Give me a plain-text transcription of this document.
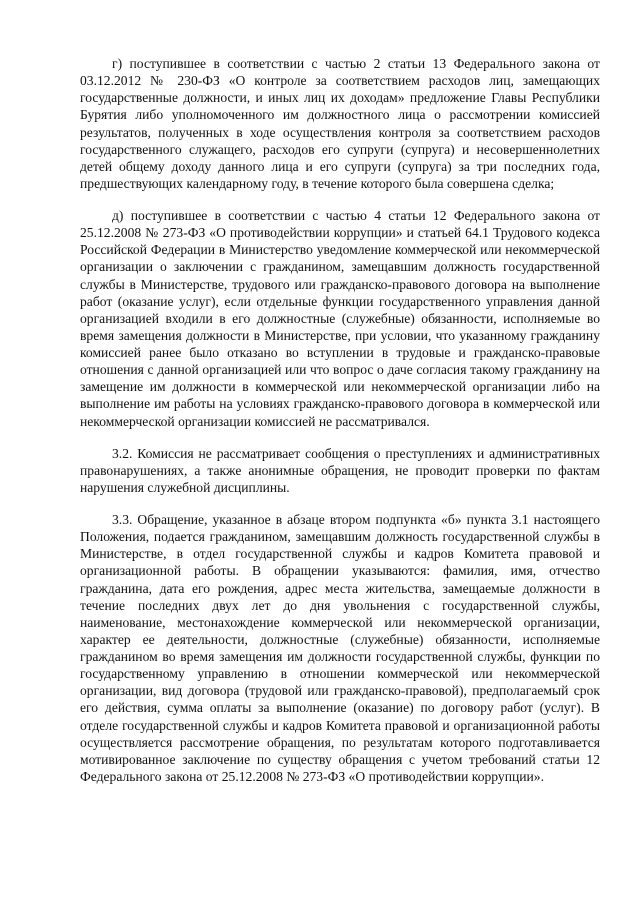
г) поступившее в соответствии с частью 2 статьи 13 Федерального закона от 03.12.2012 № 230-ФЗ «О контроле за соответствием расходов лиц, замещающих государственные должности, и иных лиц их доходам» предложение Главы Республики Бурятия либо уполномоченного им должностного лица о рассмотрении комиссией результатов, полученных в ходе осуществления контроля за соответствием расходов государственного служащего, расходов его супруги (супруга) и несовершеннолетних детей общему доходу данного лица и его супруги (супруга) за три последних года, предшествующих календарному году, в течение которого была совершена сделка;

д) поступившее в соответствии с частью 4 статьи 12 Федерального закона от 25.12.2008 № 273-ФЗ «О противодействии коррупции» и статьей 64.1 Трудового кодекса Российской Федерации в Министерство уведомление коммерческой или некоммерческой организации о заключении с гражданином, замещавшим должность государственной службы в Министерстве, трудового или гражданско-правового договора на выполнение работ (оказание услуг), если отдельные функции государственного управления данной организацией входили в его должностные (служебные) обязанности, исполняемые во время замещения должности в Министерстве, при условии, что указанному гражданину комиссией ранее было отказано во вступлении в трудовые и гражданско-правовые отношения с данной организацией или что вопрос о даче согласия такому гражданину на замещение им должности в коммерческой или некоммерческой организации либо на выполнение им работы на условиях гражданско-правового договора в коммерческой или некоммерческой организации комиссией не рассматривался.

3.2. Комиссия не рассматривает сообщения о преступлениях и административных правонарушениях, а также анонимные обращения, не проводит проверки по фактам нарушения служебной дисциплины.

3.3. Обращение, указанное в абзаце втором подпункта «б» пункта 3.1 настоящего Положения, подается гражданином, замещавшим должность государственной службы в Министерстве, в отдел государственной службы и кадров Комитета правовой и организационной работы. В обращении указываются: фамилия, имя, отчество гражданина, дата его рождения, адрес места жительства, замещаемые должности в течение последних двух лет до дня увольнения с государственной службы, наименование, местонахождение коммерческой или некоммерческой организации, характер ее деятельности, должностные (служебные) обязанности, исполняемые гражданином во время замещения им должности государственной службы, функции по государственному управлению в отношении коммерческой или некоммерческой организации, вид договора (трудовой или гражданско-правовой), предполагаемый срок его действия, сумма оплаты за выполнение (оказание) по договору работ (услуг). В отделе государственной службы и кадров Комитета правовой и организационной работы осуществляется рассмотрение обращения, по результатам которого подготавливается мотивированное заключение по существу обращения с учетом требований статьи 12 Федерального закона от 25.12.2008 № 273-ФЗ «О противодействии коррупции».
